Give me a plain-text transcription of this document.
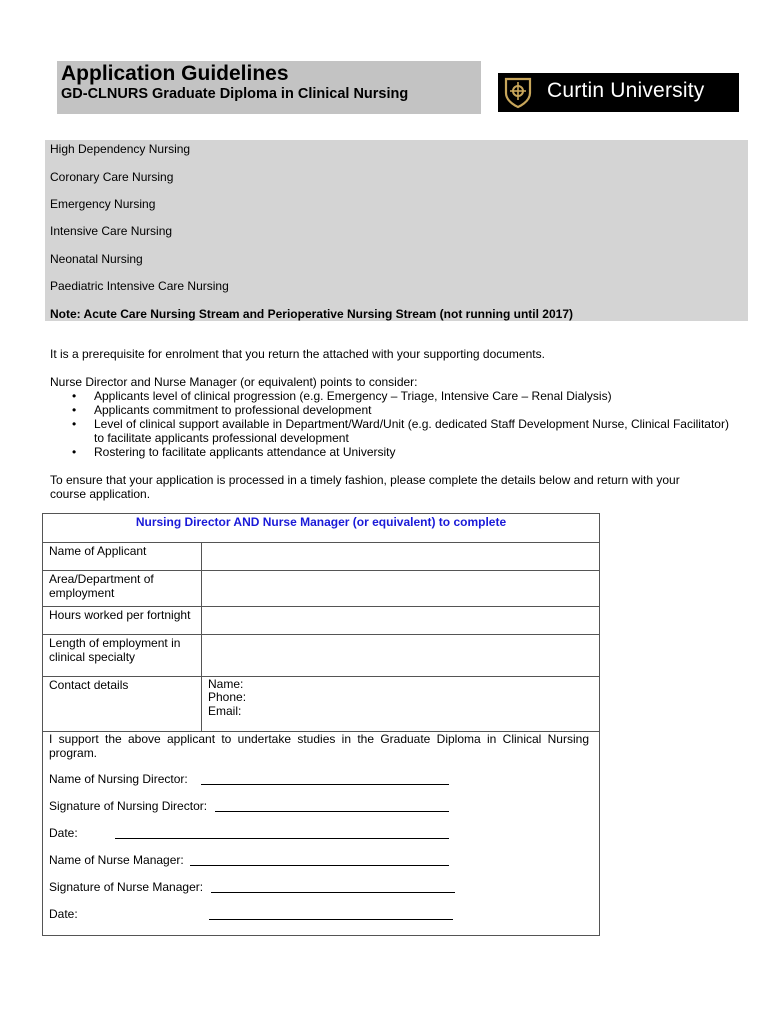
Application Guidelines
GD-CLNURS Graduate Diploma in Clinical Nursing	Curtin University
High Dependency Nursing
Coronary Care Nursing
Emergency Nursing
Intensive Care Nursing
Neonatal Nursing
Paediatric Intensive Care Nursing
Note: Acute Care Nursing Stream and Perioperative Nursing Stream (not running until 2017)
It is a prerequisite for enrolment that you return the attached with your supporting documents.
Nurse Director and Nurse Manager (or equivalent) points to consider:
• Applicants level of clinical progression (e.g. Emergency – Triage, Intensive Care – Renal Dialysis)
• Applicants commitment to professional development
• Level of clinical support available in Department/Ward/Unit (e.g. dedicated Staff Development Nurse, Clinical Facilitator) to facilitate applicants professional development
• Rostering to facilitate applicants attendance at University
To ensure that your application is processed in a timely fashion, please complete the details below and return with your
course application.
Nursing Director AND Nurse Manager (or equivalent) to complete
Name of Applicant
Area/Department of employment
Hours worked per fortnight
Length of employment in clinical specialty
Contact details	Name:
Phone:
Email:
I support the above applicant to undertake studies in the Graduate Diploma in Clinical Nursing program.
Name of Nursing Director:
Signature of Nursing Director:
Date:
Name of Nurse Manager:
Signature of Nurse Manager:
Date:
